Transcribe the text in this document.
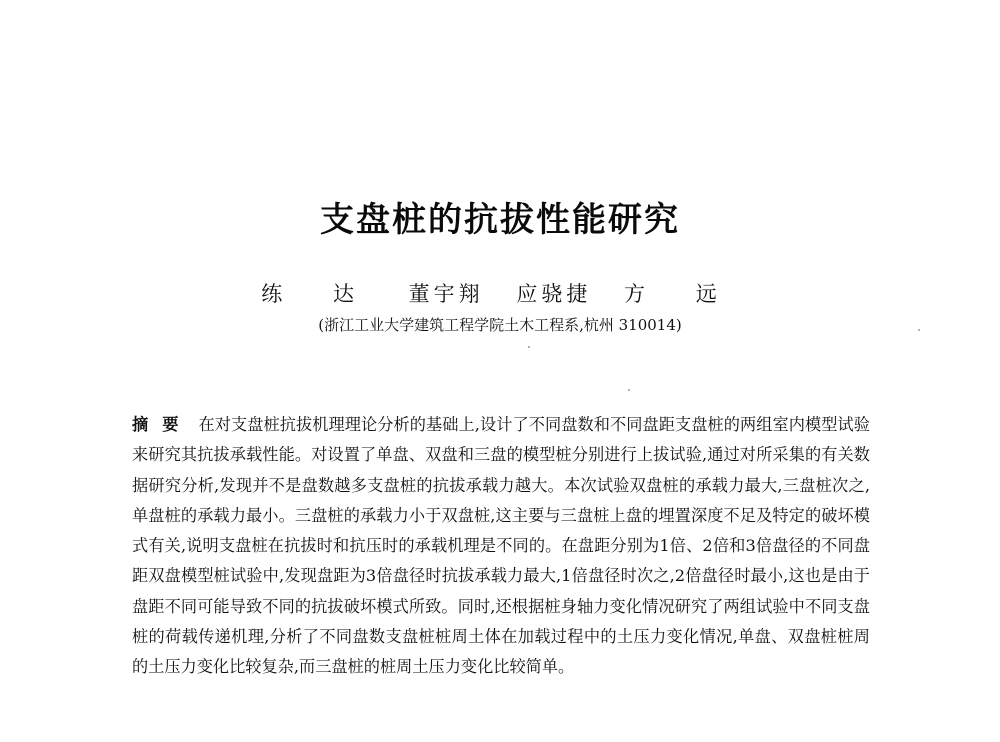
支盘桩的抗拔性能研究
练 达 董宇翔 应骁捷 方 远
(浙江工业大学建筑工程学院土木工程系,杭州 310014)
摘要 在对支盘桩抗拔机理理论分析的基础上,设计了不同盘数和不同盘距支盘桩的两组室内模型试验来研究其抗拔承载性能。对设置了单盘、双盘和三盘的模型桩分别进行上拔试验,通过对所采集的有关数据研究分析,发现并不是盘数越多支盘桩的抗拔承载力越大。本次试验双盘桩的承载力最大,三盘桩次之,单盘桩的承载力最小。三盘桩的承载力小于双盘桩,这主要与三盘桩上盘的埋置深度不足及特定的破坏模式有关,说明支盘桩在抗拔时和抗压时的承载机理是不同的。在盘距分别为1倍、2倍和3倍盘径的不同盘距双盘模型桩试验中,发现盘距为3倍盘径时抗拔承载力最大,1倍盘径时次之,2倍盘径时最小,这也是由于盘距不同可能导致不同的抗拔破坏模式所致。同时,还根据桩身轴力变化情况研究了两组试验中不同支盘桩的荷载传递机理,分析了不同盘数支盘桩桩周土体在加载过程中的土压力变化情况,单盘、双盘桩桩周的土压力变化比较复杂,而三盘桩的桩周土压力变化比较简单。
